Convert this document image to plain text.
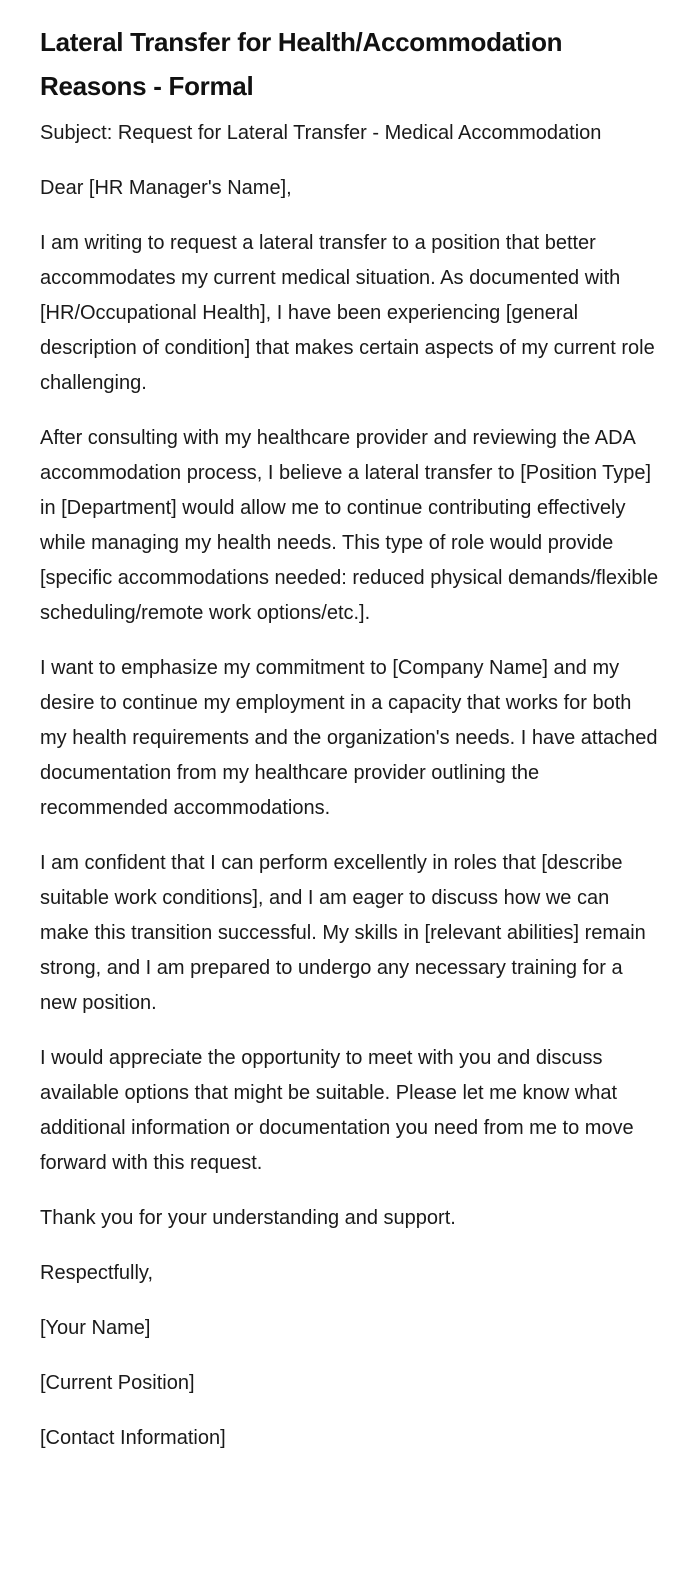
Lateral Transfer for Health/Accommodation Reasons - Formal

Subject: Request for Lateral Transfer - Medical Accommodation

Dear [HR Manager's Name],

I am writing to request a lateral transfer to a position that better accommodates my current medical situation. As documented with [HR/Occupational Health], I have been experiencing [general description of condition] that makes certain aspects of my current role challenging.

After consulting with my healthcare provider and reviewing the ADA accommodation process, I believe a lateral transfer to [Position Type] in [Department] would allow me to continue contributing effectively while managing my health needs. This type of role would provide [specific accommodations needed: reduced physical demands/flexible scheduling/remote work options/etc.].

I want to emphasize my commitment to [Company Name] and my desire to continue my employment in a capacity that works for both my health requirements and the organization's needs. I have attached documentation from my healthcare provider outlining the recommended accommodations.

I am confident that I can perform excellently in roles that [describe suitable work conditions], and I am eager to discuss how we can make this transition successful. My skills in [relevant abilities] remain strong, and I am prepared to undergo any necessary training for a new position.

I would appreciate the opportunity to meet with you and discuss available options that might be suitable. Please let me know what additional information or documentation you need from me to move forward with this request.

Thank you for your understanding and support.

Respectfully,

[Your Name]

[Current Position]

[Contact Information]
